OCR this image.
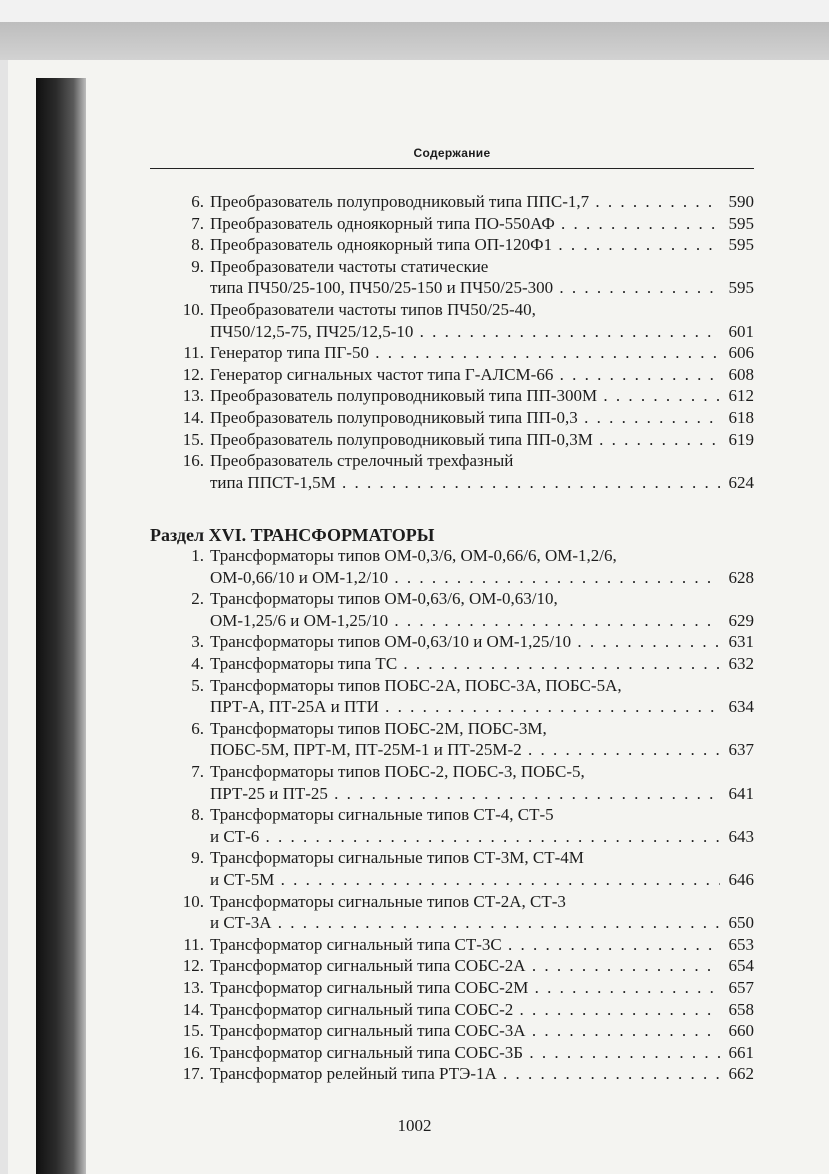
Содержание
6. Преобразователь полупроводниковый типа ППС-1,7 . . .	590
7. Преобразователь одноякорный типа ПО-550АФ . . .	595
8. Преобразователь одноякорный типа ОП-120Ф1 . . .	595
9. Преобразователи частоты статические
типа ПЧ50/25-100, ПЧ50/25-150 и ПЧ50/25-300 . . .	595
10. Преобразователи частоты типов ПЧ50/25-40,
ПЧ50/12,5-75, ПЧ25/12,5-10 . . .	601
11. Генератор типа ПГ-50 . . .	606
12. Генератор сигнальных частот типа Г-АЛСМ-66 . . .	608
13. Преобразователь полупроводниковый типа ПП-300М . . .	612
14. Преобразователь полупроводниковый типа ПП-0,3 . . .	618
15. Преобразователь полупроводниковый типа ПП-0,3М . . .	619
16. Преобразователь стрелочный трехфазный
типа ППСТ-1,5М . . .	624
1. Трансформаторы типов ОМ-0,3/6, ОМ-0,66/6, ОМ-1,2/6,
ОМ-0,66/10 и ОМ-1,2/10 . . .	628
2. Трансформаторы типов ОМ-0,63/6, ОМ-0,63/10,
ОМ-1,25/6 и ОМ-1,25/10 . . .	629
3. Трансформаторы типов ОМ-0,63/10 и ОМ-1,25/10 . . .	631
4. Трансформаторы типа ТС . . .	632
5. Трансформаторы типов ПОБС-2А, ПОБС-3А, ПОБС-5А,
ПРТ-А, ПТ-25А и ПТИ . . .	634
6. Трансформаторы типов ПОБС-2М, ПОБС-3М,
ПОБС-5М, ПРТ-М, ПТ-25М-1 и ПТ-25М-2 . . .	637
7. Трансформаторы типов ПОБС-2, ПОБС-3, ПОБС-5,
ПРТ-25 и ПТ-25 . . .	641
8. Трансформаторы сигнальные типов СТ-4, СТ-5
и СТ-6 . . .	643
9. Трансформаторы сигнальные типов СТ-3М, СТ-4М
и СТ-5М . . .	646
10. Трансформаторы сигнальные типов СТ-2А, СТ-3
и СТ-3А . . .	650
11. Трансформатор сигнальный типа СТ-3С . . .	653
12. Трансформатор сигнальный типа СОБС-2А . . .	654
13. Трансформатор сигнальный типа СОБС-2М . . .	657
14. Трансформатор сигнальный типа СОБС-2 . . .	658
15. Трансформатор сигнальный типа СОБС-3А . . .	660
16. Трансформатор сигнальный типа СОБС-3Б . . .	661
17. Трансформатор релейный типа РТЭ-1А . . .	662
Раздел XVI. ТРАНСФОРМАТОРЫ
1002
